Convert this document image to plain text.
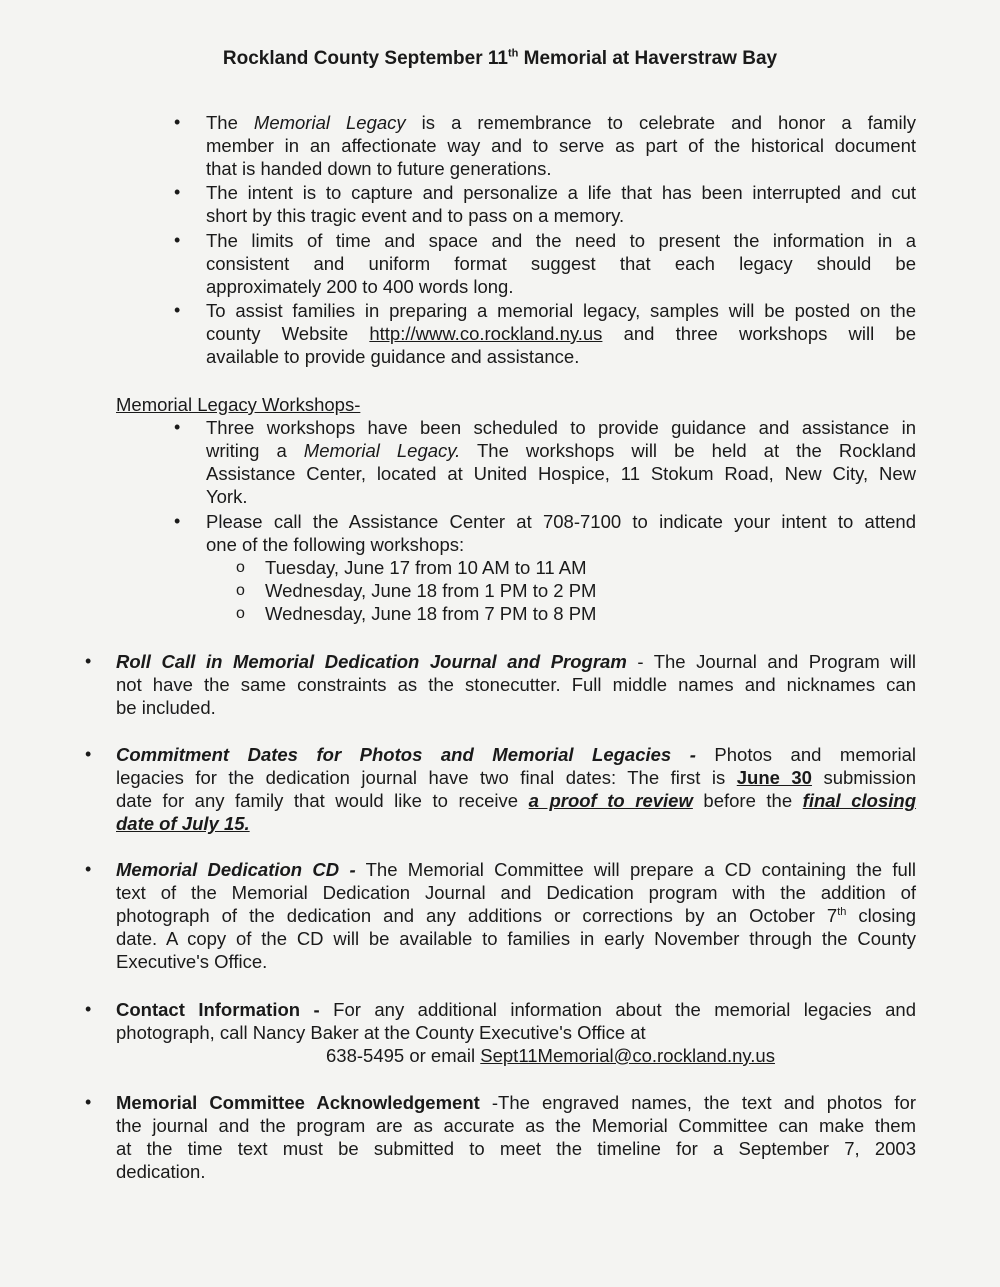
Rockland County September 11th Memorial at Haverstraw Bay
• The Memorial Legacy is a remembrance to celebrate and honor a family
member in an affectionate way and to serve as part of the historical document
that is handed down to future generations.
• The intent is to capture and personalize a life that has been interrupted and cut
short by this tragic event and to pass on a memory.
• The limits of time and space and the need to present the information in a
consistent and uniform format suggest that each legacy should be
approximately 200 to 400 words long.
• To assist families in preparing a memorial legacy, samples will be posted on the
county Website http://www.co.rockland.ny.us and three workshops will be
available to provide guidance and assistance.
Memorial Legacy Workshops-
• Three workshops have been scheduled to provide guidance and assistance in
writing a Memorial Legacy. The workshops will be held at the Rockland
Assistance Center, located at United Hospice, 11 Stokum Road, New City, New
York.
• Please call the Assistance Center at 708-7100 to indicate your intent to attend
one of the following workshops:
o Tuesday, June 17 from 10 AM to 11 AM
o Wednesday, June 18 from 1 PM to 2 PM
o Wednesday, June 18 from 7 PM to 8 PM
• Roll Call in Memorial Dedication Journal and Program - The Journal and Program will
not have the same constraints as the stonecutter. Full middle names and nicknames can
be included.
• Commitment Dates for Photos and Memorial Legacies - Photos and memorial
legacies for the dedication journal have two final dates: The first is June 30 submission
date for any family that would like to receive a proof to review before the final closing
date of July 15.
• Memorial Dedication CD - The Memorial Committee will prepare a CD containing the full
text of the Memorial Dedication Journal and Dedication program with the addition of
photograph of the dedication and any additions or corrections by an October 7th closing
date. A copy of the CD will be available to families in early November through the County
Executive's Office.
• Contact Information - For any additional information about the memorial legacies and
photograph, call Nancy Baker at the County Executive's Office at
638-5495 or email Sept11Memorial@co.rockland.ny.us
• Memorial Committee Acknowledgement -The engraved names, the text and photos for
the journal and the program are as accurate as the Memorial Committee can make them
at the time text must be submitted to meet the timeline for a September 7, 2003
dedication.
